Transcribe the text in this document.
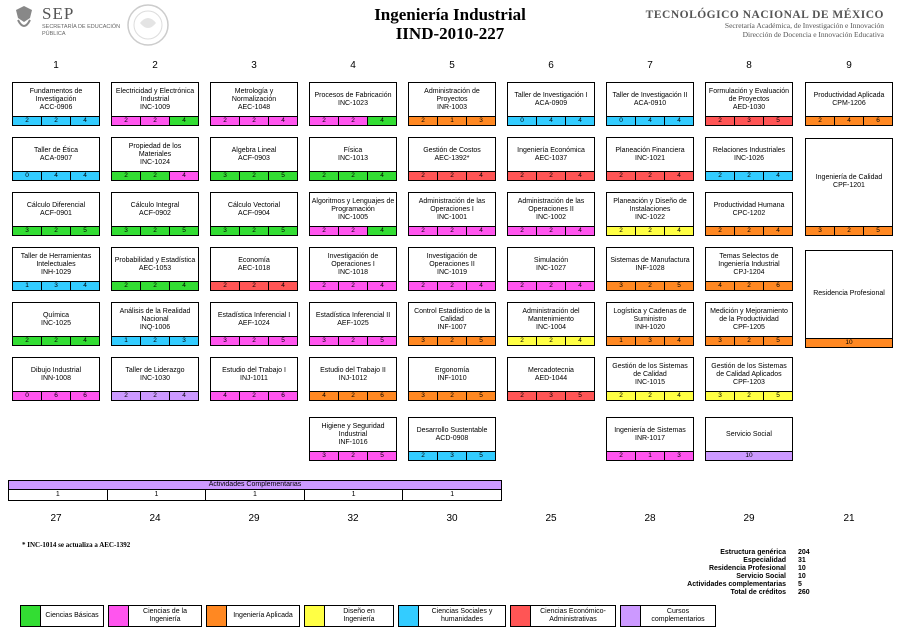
SEP
SECRETARÍA DE EDUCACIÓN PÚBLICA
Ingeniería Industrial
IIND-2010-227
TECNOLÓGICO NACIONAL DE MÉXICO
Secretaría Académica, de Investigación e Innovación
Dirección de Docencia e Innovación Educativa
1	2	3	4	5	6	7	8	9
27	24	29	32	30	25	28	29	21
Fundamentos de Investigación
ACC-0906
2	2	4
Taller de Ética
ACA-0907
0	4	4
Cálculo Diferencial
ACF-0901
3	2	5
Taller de Herramientas Intelectuales
INH-1029
1	3	4
Química
INC-1025
2	2	4
Dibujo Industrial
INN-1008
0	6	6
Electricidad y Electrónica Industrial
INC-1009
2	2	4
Propiedad de los Materiales
INC-1024
2	2	4
Cálculo Integral
ACF-0902
3	2	5
Probabilidad y Estadística
AEC-1053
2	2	4
Análisis de la Realidad Nacional
INQ-1006
1	2	3
Taller de Liderazgo
INC-1030
2	2	4
Metrología y Normalización
AEC-1048
2	2	4
Algebra Lineal
ACF-0903
3	2	5
Cálculo Vectorial
ACF-0904
3	2	5
Economía
AEC-1018
2	2	4
Estadística Inferencial I
AEF-1024
3	2	5
Estudio del Trabajo I
INJ-1011
4	2	6
Procesos de Fabricación
INC-1023
2	2	4
Física
INC-1013
2	2	4
Algoritmos y Lenguajes de Programación
INC-1005
2	2	4
Investigación de Operaciones I
INC-1018
2	2	4
Estadística Inferencial II
AEF-1025
3	2	5
Estudio del Trabajo II
INJ-1012
4	2	6
Higiene y Seguridad Industrial
INF-1016
3	2	5
Administración de Proyectos
INR-1003
2	1	3
Gestión de Costos
AEC-1392*
2	2	4
Administración de las Operaciones I
INC-1001
2	2	4
Investigación de Operaciones II
INC-1019
2	2	4
Control Estadístico de la Calidad
INF-1007
3	2	5
Ergonomía
INF-1010
3	2	5
Desarrollo Sustentable
ACD-0908
2	3	5
Taller de Investigación I
ACA-0909
0	4	4
Ingeniería Económica
AEC-1037
2	2	4
Administración de las Operaciones II
INC-1002
2	2	4
Simulación
INC-1027
2	2	4
Administración del Mantenimiento
INC-1004
2	2	4
Mercadotecnia
AED-1044
2	3	5
Taller de Investigación II
ACA-0910
0	4	4
Planeación Financiera
INC-1021
2	2	4
Planeación y Diseño de Instalaciones
INC-1022
2	2	4
Sistemas de Manufactura
INF-1028
3	2	5
Logística y Cadenas de Suministro
INH-1020
1	3	4
Gestión de los Sistemas de Calidad
INC-1015
2	2	4
Ingeniería de Sistemas
INR-1017
2	1	3
Formulación y Evaluación de Proyectos
AED-1030
2	3	5
Relaciones Industriales
INC-1026
2	2	4
Productividad Humana
CPC-1202
2	2	4
Temas Selectos de Ingeniería Industrial
CPJ-1204
4	2	6
Medición y Mejoramiento de la Productividad
CPF-1205
3	2	5
Gestión de los Sistemas de Calidad Aplicados
CPF-1203
3	2	5
Servicio Social
10
Productividad Aplicada
CPM-1206
2	4	6
Ingeniería de Calidad
CPF-1201
3	2	5
Residencia Profesional
10
Actividades Complementarias
1	1	1	1	1
* INC-1014 se actualiza a AEC-1392
Estructura genérica	204
Especialidad	31
Residencia Profesional	10
Servicio Social	10
Actividades complementarias	5
Total de créditos	260
Ciencias Básicas
Ciencias de la Ingeniería
Ingeniería Aplicada
Diseño en Ingeniería
Ciencias Sociales y humanidades
Ciencias Económico-Administrativas
Cursos complementarios
